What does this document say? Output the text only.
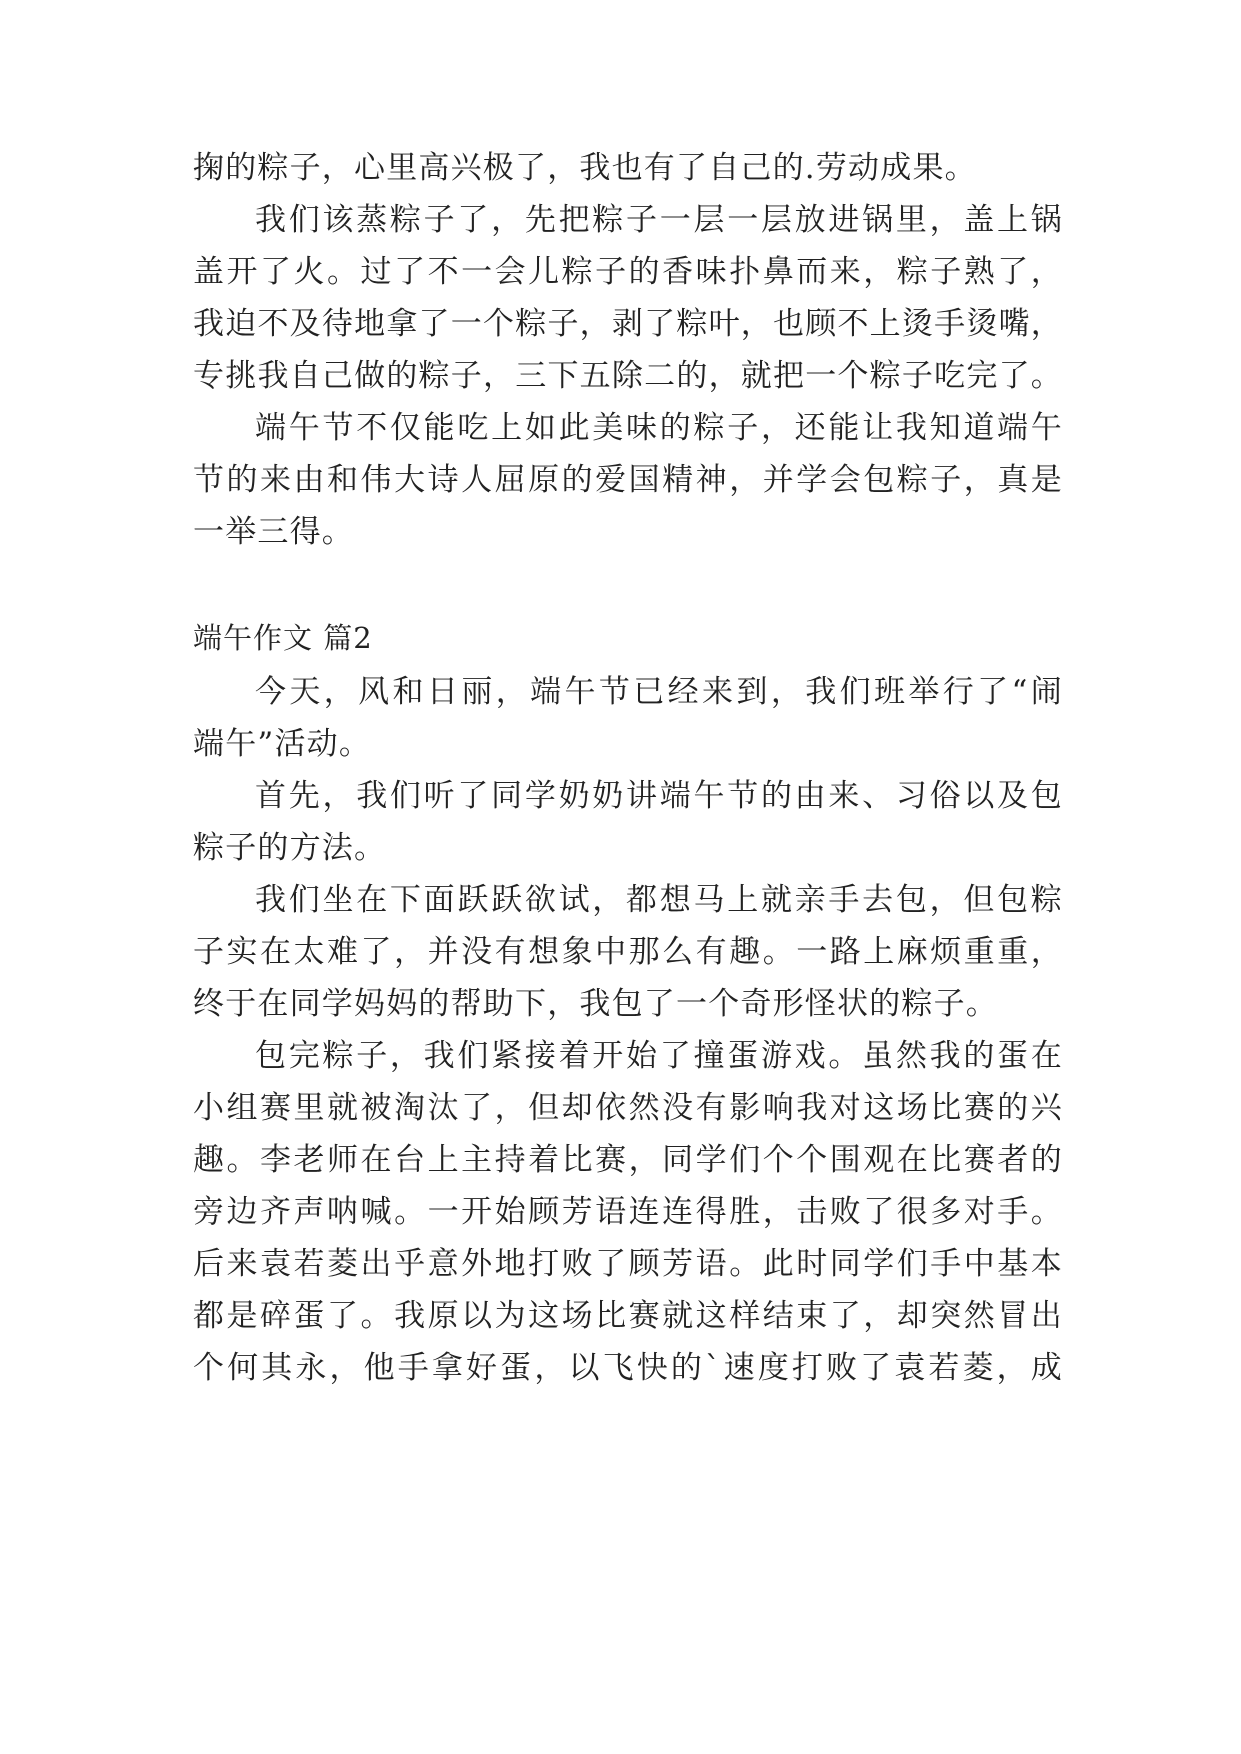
掬的粽子，心里高兴极了，我也有了自己的.劳动成果。
我们该蒸粽子了，先把粽子一层一层放进锅里，盖上锅
盖开了火。过了不一会儿粽子的香味扑鼻而来，粽子熟了，
我迫不及待地拿了一个粽子，剥了粽叶，也顾不上烫手烫嘴，
专挑我自己做的粽子，三下五除二的，就把一个粽子吃完了。
端午节不仅能吃上如此美味的粽子，还能让我知道端午
节的来由和伟大诗人屈原的爱国精神，并学会包粽子，真是
一举三得。
端午作文 篇2
今天，风和日丽，端午节已经来到，我们班举行了“闹
端午”活动。
首先，我们听了同学奶奶讲端午节的由来、习俗以及包
粽子的方法。
我们坐在下面跃跃欲试，都想马上就亲手去包，但包粽
子实在太难了，并没有想象中那么有趣。一路上麻烦重重，
终于在同学妈妈的帮助下，我包了一个奇形怪状的粽子。
包完粽子，我们紧接着开始了撞蛋游戏。虽然我的蛋在
小组赛里就被淘汰了，但却依然没有影响我对这场比赛的兴
趣。李老师在台上主持着比赛，同学们个个围观在比赛者的
旁边齐声呐喊。一开始顾芳语连连得胜，击败了很多对手。
后来袁若菱出乎意外地打败了顾芳语。此时同学们手中基本
都是碎蛋了。我原以为这场比赛就这样结束了，却突然冒出
个何其永，他手拿好蛋，以飞快的`速度打败了袁若菱，成
